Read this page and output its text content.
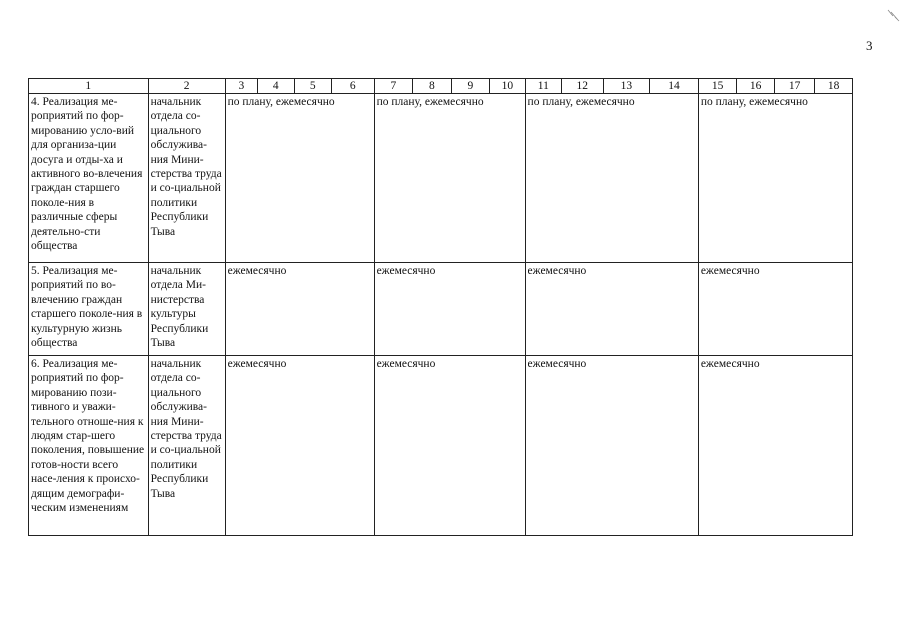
3
1	2	3	4	5	6	7	8	9	10	11	12	13	14	15	16	17	18
4. Реализация ме-роприятий по фор-мированию усло-вий для организа-ции досуга и отды-ха и активного во-влечения граждан старшего поколе-ния в различные сферы деятельно-сти общества	начальник отдела со-циального обслужива-ния Мини-стерства труда и со-циальной политики Республики Тыва	по плану, ежемесячно				по плану, ежемесячно				по плану, ежемесячно				по плану, ежемесячно			
5. Реализация ме-роприятий по во-влечению граждан старшего поколе-ния в культурную жизнь общества	начальник отдела Ми-нистерства культуры Республики Тыва	ежемесячно				ежемесячно				ежемесячно				ежемесячно			
6. Реализация ме-роприятий по фор-мированию пози-тивного и уважи-тельного отноше-ния к людям стар-шего поколения, повышение готов-ности всего насе-ления к происхо-дящим демографи-ческим изменениям	начальник отдела со-циального обслужива-ния Мини-стерства труда и со-циальной политики Республики Тыва	ежемесячно				ежемесячно				ежемесячно				ежемесячно			
